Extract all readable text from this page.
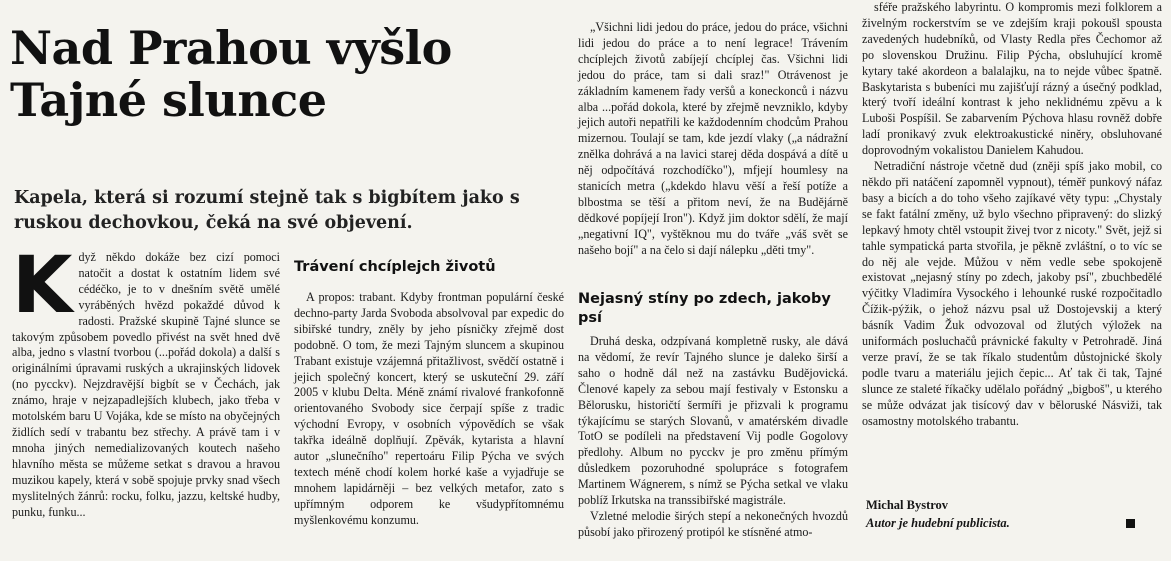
Nad Prahou vyšlo Tajné slunce
Kapela, která si rozumí stejně tak s bigbítem jako s ruskou dechovkou, čeká na své objevení.
K dyž někdo dokáže bez cizí pomoci natočit a dostat k ostatním lidem své cédéčko, je to v dnešním světě umělé vyráběných hvězd pokaždé důvod k radosti. Pražské skupině Tajné slunce se takovým způsobem povedlo přivést na svět hned dvě alba, jedno s vlastní tvorbou (...pořád dokola) a další s originálními úpravami ruských a ukrajinských lidovek (no pycckv). Nejzdravější bigbít se v Čechách, jak známo, hraje v nejzapadlejších klubech, jako třeba v motolském baru U Vojáka, kde se místo na obyčejných židlích sedí v trabantu bez střechy. A právě tam i v mnoha jiných nemedializovaných koutech našeho hlavního města se můžeme setkat s dravou a hravou muzikou kapely, která v sobě spojuje prvky snad všech myslitelných žánrů: rocku, folku, jazzu, keltské hudby, punku, funku...
Trávení chcíplejch životů

A propos: trabant. Kdyby frontman populární české dechno-party Jarda Svoboda absolvoval par expedic do sibiřské tundry, zněly by jeho písničky zřejmě dost podobně. O tom, že mezi Tajným sluncem a skupinou Trabant existuje vzájemná přitažlivost, svědčí ostatně i jejich společný koncert, který se uskuteční 29. září 2005 v klubu Delta. Méně známí rivalové frankofonně orientovaného Svobody sice čerpají spíše z tradic východní Evropy, v osobních výpovědích se však takřka ideálně doplňují. Zpěvák, kytarista a hlavní autor „slunečního" repertoáru Filip Pýcha ve svých textech méně chodí kolem horké kaše a vyjadřuje se mnohem lapidárněji – bez velkých metafor, zato s upřímným odporem ke všudypřítomnému myšlenkovému konzumu.

„Všichni lidi jedou do práce, jedou do práce, všichni lidi jedou do práce a to není legrace! Trávením chcíplejch životů zabíjejí chcíplej čas. Všichni lidi jedou do práce, tam si dali sraz!" Otrávenost je základním kamenem řady veršů a koneckonců i názvu alba ...pořád dokola, které by zřejmě nevzniklo, kdyby jejich autoři nepatřili ke každodenním chodcům Prahou mizernou. Toulají se tam, kde jezdí vlaky („a nádražní znělka dohrává a na lavici starej děda dospává a dítě u něj odpočítává rozchodíčko"), mfjejí houmlesy na stanicích metra („kdekdo hlavu věší a řeší potíže a blbostma se těší a přitom neví, že na Budějárně dědkové popíjejí Iron"). Když jim doktor sdělí, že mají „negativní IQ", vyštěknou mu do tváře „váš svět se našeho bojí" a na čelo si dají nálepku „děti tmy".

Nejasný stíny po zdech, jakoby psí

Druhá deska, odzpívaná kompletně rusky, ale dává na vědomí, že revír Tajného slunce je daleko širší a saho o hodně dál než na zastávku Budějovická. Členové kapely za sebou mají festivaly v Estonsku a Bělorusku, historičtí šermíři je přizvali k programu týkajícímu se starých Slovanů, v amatérském divadle TotO se podíleli na představení Vij podle Gogolovy předlohy. Album no pycckv je pro změnu přímým důsledkem pozoruhodné spolupráce s fotografem Martinem Wágnerem, s nímž se Pýcha setkal ve vlaku poblíž Irkutska na transsibiřské magistrále.

Vzletné melodie širých stepí a nekonečných hvozdů působí jako přirozený protipól ke stísněné atmo-

sféře pražského labyrintu. O kompromis mezi folklorem a živelným rockerstvím se ve zdejším kraji pokoušl spousta zavedených hudebníků, od Vlasty Redla přes Čechomor až po slovenskou Družinu. Filip Pýcha, obsluhující kromě kytary také akordeon a balalajku, na to nejde vůbec špatně. Baskytarista s bubeníci mu zajišťují rázný a úsečný podklad, který tvoří ideální kontrast k jeho neklidnému zpěvu a k Luboši Pospíšil. Se zabarvením Pýchova hlasu rovněž dobře ladí pronikavý zvuk elektroakustické niněry, obsluhované doprovodným vokalistou Danielem Kahudou.

Netradiční nástroje včetně dud (zněji spíš jako mobil, co někdo při natáčení zapomněl vypnout), téměř punkový náfaz basy a bicích a do toho všeho zajíkavé věty typu: „Chystaly se fakt fatální změny, už bylo všechno připravený: do slizký lepkavý hmoty chtěl vstoupit živej tvor z nicoty." Svět, jejž si tahle sympatická parta stvořila, je pěkně zvláštní, o to víc se do něj ale vejde. Můžou v něm vedle sebe spokojeně existovat „nejasný stíny po zdech, jakoby psí", zbuchbedělé výčitky Vladimíra Vysockého i lehounké ruské rozpočitadlo Čížik-pýžik, o jehož názvu psal už Dostojevskij a který básník Vadim Žuk odvozoval od žlutých výložek na uniformách posluchačů právnické fakulty v Petrohradě. Jiná verze praví, že se tak říkalo studentům důstojnické školy podle tvaru a materiálu jejich čepic... Ať tak či tak, Tajné slunce ze staleté říkačky udělalo pořádný „bigboš", u kterého se může odvázat jak tisícový dav v běloruské Násviži, tak osamostny motolského trabantu.

Michal Bystrov
Autor je hudební publicista.
